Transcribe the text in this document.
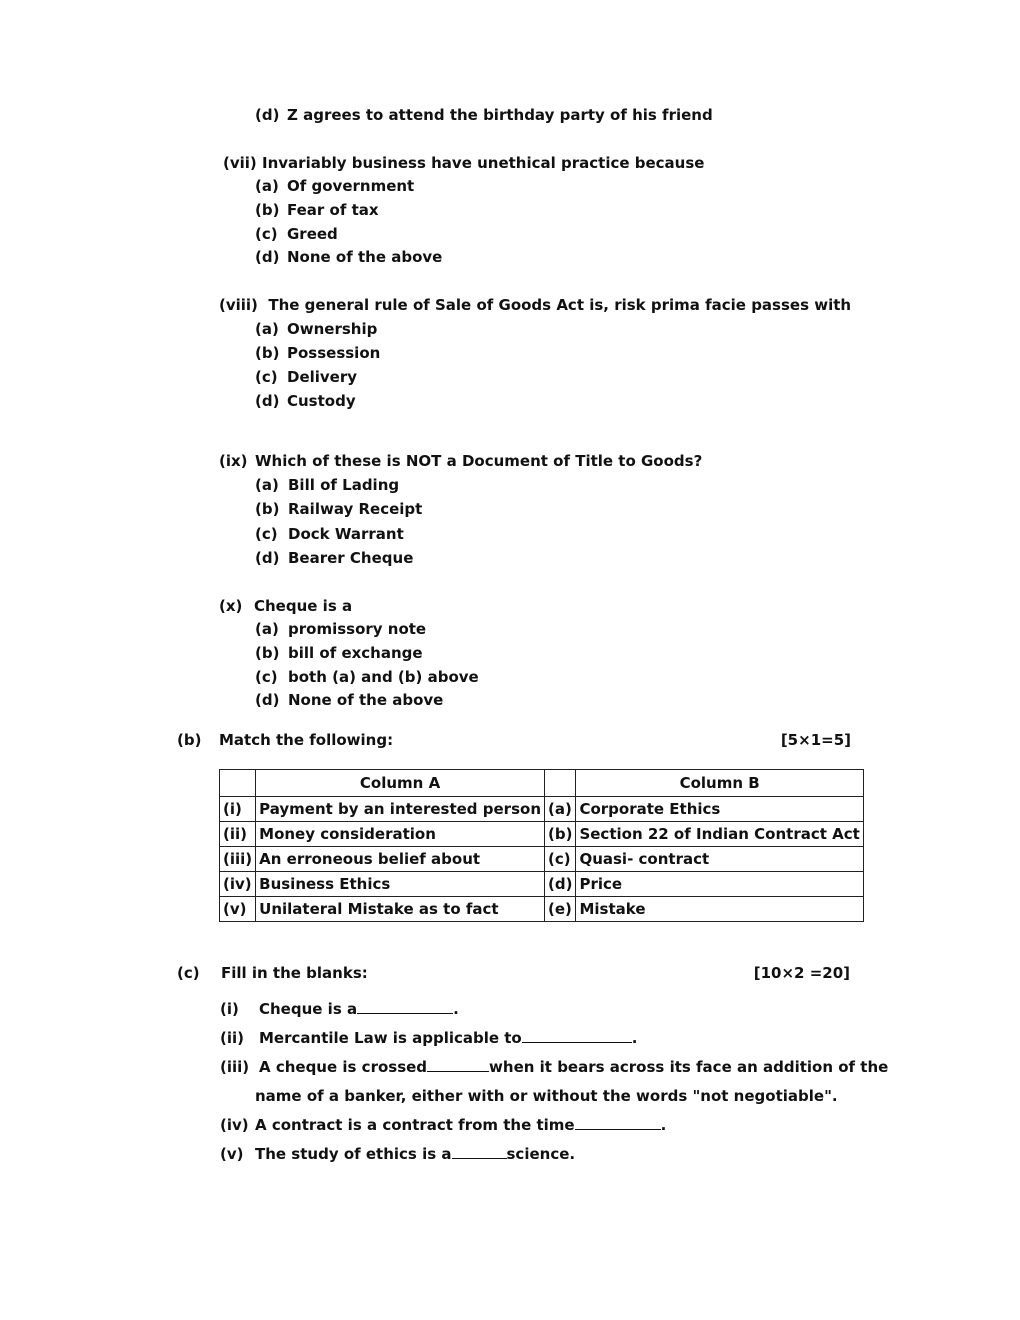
(d) Z agrees to attend the birthday party of his friend
(vii) Invariably business have unethical practice because
(a) Of government
(b) Fear of tax
(c) Greed
(d) None of the above
(viii) The general rule of Sale of Goods Act is, risk prima facie passes with
(a) Ownership
(b) Possession
(c) Delivery
(d) Custody
(ix) Which of these is NOT a Document of Title to Goods?
(a) Bill of Lading
(b) Railway Receipt
(c) Dock Warrant
(d) Bearer Cheque
(x) Cheque is a
(a) promissory note
(b) bill of exchange
(c) both (a) and (b) above
(d) None of the above
(b) Match the following:	[5×1=5]
	Column A		Column B
(i)	Payment by an interested person	(a)	Corporate Ethics
(ii)	Money consideration	(b)	Section 22 of Indian Contract Act
(iii)	An erroneous belief about	(c)	Quasi- contract
(iv)	Business Ethics	(d)	Price
(v)	Unilateral Mistake as to fact	(e)	Mistake
(c) Fill in the blanks:	[10×2 =20]
(i) Cheque is a	.
(ii) Mercantile Law is applicable to	.
(iii) A cheque is crossed	when it bears across its face an addition of the
name of a banker, either with or without the words "not negotiable".
(iv) A contract is a contract from the time	.
(v) The study of ethics is a	science.
